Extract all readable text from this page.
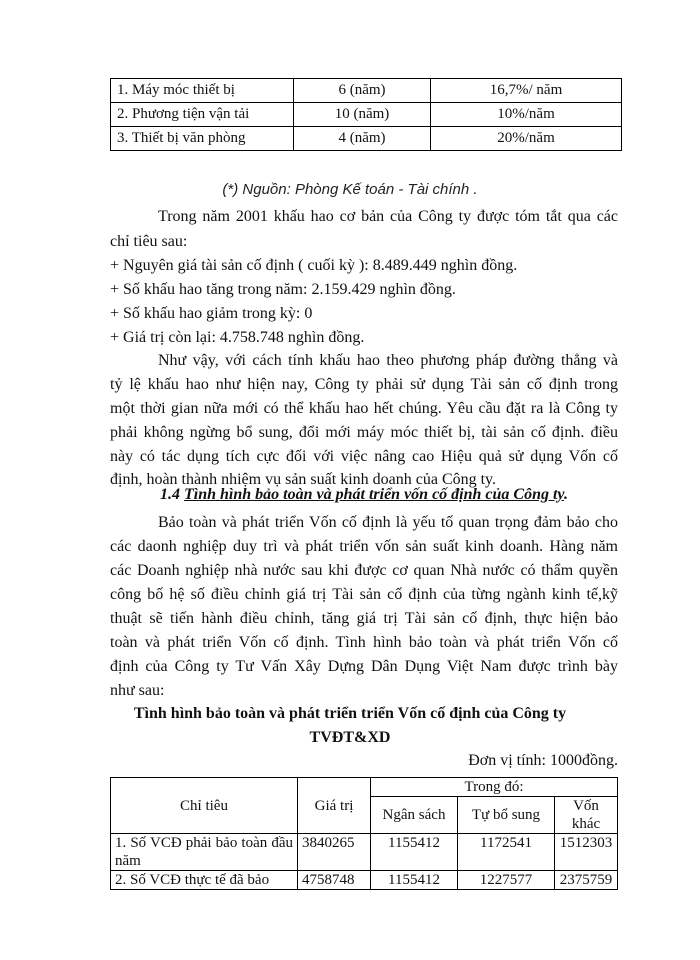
1. Máy móc thiết bị	6 (năm)	16,7%/ năm
2. Phương tiện vận tải	10 (năm)	10%/năm
3. Thiết bị văn phòng	4 (năm)	20%/năm
(*) Nguồn: Phòng Kế toán - Tài chính .
Trong năm 2001 khấu hao cơ bản của Công ty được tóm tắt qua các
chỉ tiêu sau:
+ Nguyên giá tài sản cố định ( cuối kỳ ): 8.489.449 nghìn đồng.
+ Số khấu hao tăng trong năm: 2.159.429 nghìn đồng.
+ Số khấu hao giảm trong kỳ: 0
+ Giá trị còn lại: 4.758.748 nghìn đồng.
Như vậy, với cách tính khấu hao theo phương pháp đường thẳng và
tỷ lệ khấu hao như hiện nay, Công ty phải sử dụng Tài sản cố định trong
một thời gian nữa mới có thể khấu hao hết chúng. Yêu cầu đặt ra là Công ty
phải không ngừng bổ sung, đổi mới máy móc thiết bị, tài sản cố định. điều
này có tác dụng tích cực đối với việc nâng cao Hiệu quả sử dụng Vốn cố
định, hoàn thành nhiệm vụ sản suất kinh doanh của Công ty.
1.4 Tình hình bảo toàn và phát triển vốn cố định của Công ty.
Bảo toàn và phát triển Vốn cố định là yếu tố quan trọng đảm bảo cho
các daonh nghiệp duy trì và phát triển vốn sản suất kinh doanh. Hàng năm
các Doanh nghiệp nhà nước sau khi được cơ quan Nhà nước có thẩm quyền
công bố hệ số điều chỉnh giá trị Tài sản cố định của từng ngành kinh tế,kỹ
thuật sẽ tiến hành điều chỉnh, tăng giá trị Tài sản cố định, thực hiện bảo
toàn và phát triển Vốn cố định. Tình hình bảo toàn và phát triển Vốn cố
định của Công ty Tư Vấn Xây Dựng Dân Dụng Việt Nam được trình bày
như sau:
Tình hình bảo toàn và phát triển triển Vốn cố định của Công ty
TVĐT&XD
Đơn vị tính: 1000đồng.
Chỉ tiêu	Giá trị	Trong đó:		
		Ngân sách	Tự bổ sung	Vốn khác
1. Số VCĐ phải bảo toàn đầu năm	3840265	1155412	1172541	1512303
2. Số VCĐ thực tế đã bảo	4758748	1155412	1227577	2375759
